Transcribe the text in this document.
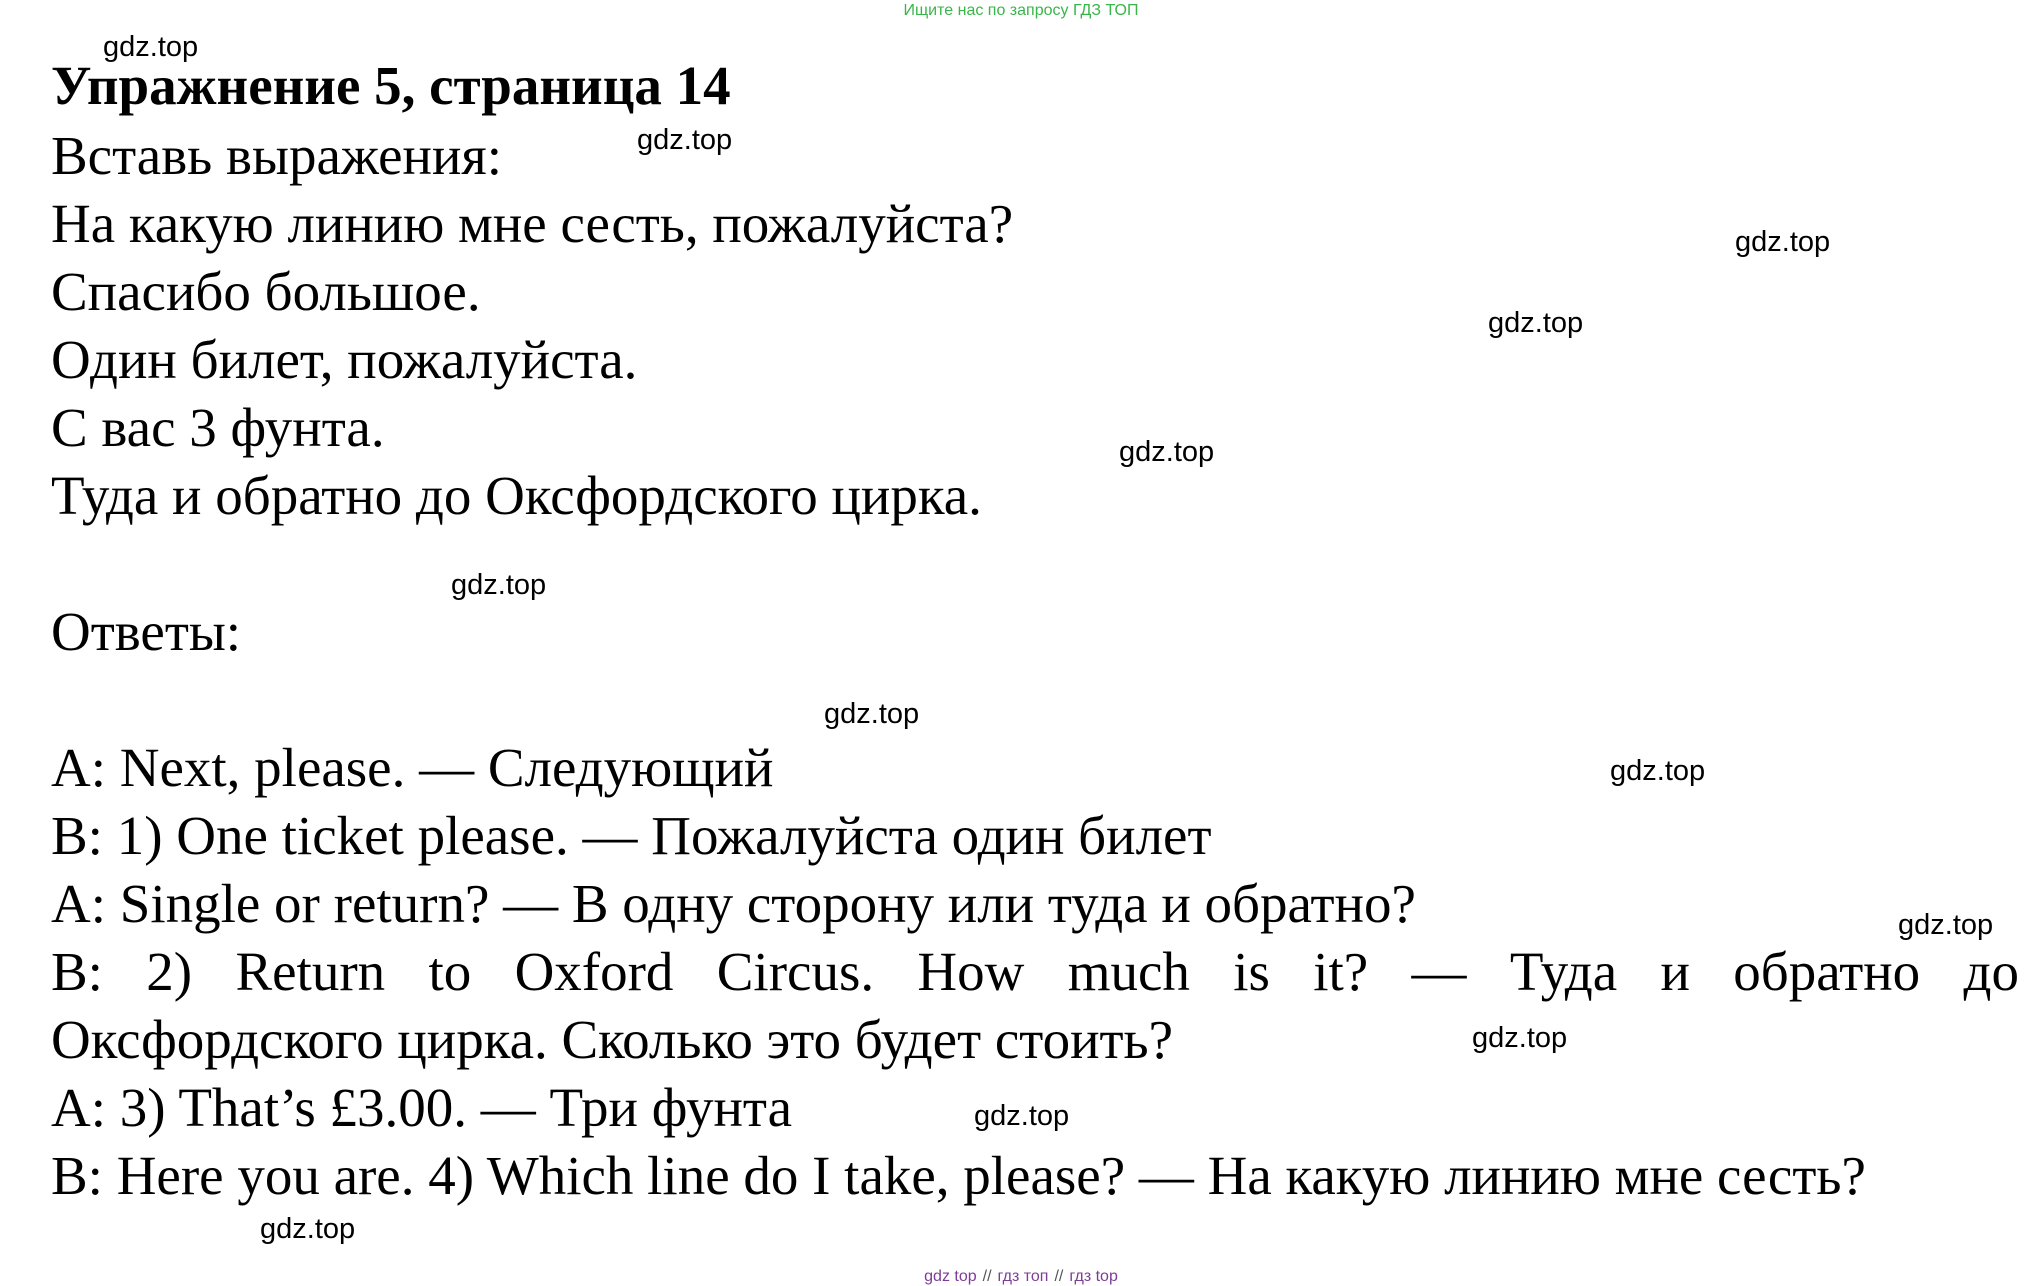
Ищите нас по запросу ГДЗ ТОП
Упражнение 5, страница 14
Вставь выражения:
На какую линию мне сесть, пожалуйста?
Спасибо большое.
Один билет, пожалуйста.
С вас 3 фунта.
Туда и обратно до Оксфордского цирка.
Ответы:
A: Next, please. — Следующий
B: 1) One ticket please. — Пожалуйста один билет
A: Single or return? — В одну сторону или туда и обратно?
B: 2) Return to Oxford Circus. How much is it? — Туда и обратно до
Оксфордского цирка. Сколько это будет стоить?
A: 3) That’s £3.00. — Три фунта
B: Here you are. 4) Which line do I take, please? — На какую линию мне сесть?
gdz.top
gdz.top
gdz.top
gdz.top
gdz.top
gdz.top
gdz.top
gdz.top
gdz.top
gdz.top
gdz.top
gdz.top
gdz top // гдз топ // гдз top
